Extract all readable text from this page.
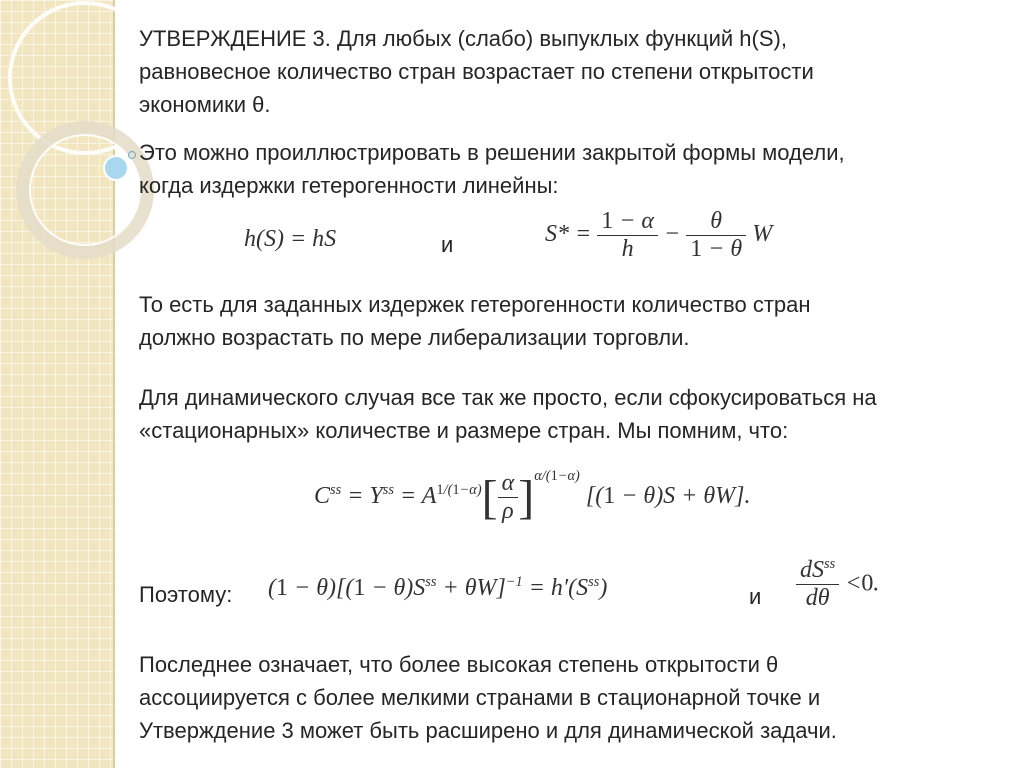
УТВЕРЖДЕНИЕ 3. Для любых (слабо) выпуклых функций h(S),
равновесное количество стран возрастает по степени открытости
экономики θ.
Это можно проиллюстрировать в решении закрытой формы модели,
когда издержки гетерогенности линейны:
h(S) = hS	и	$S* = \frac{1 - \alpha}{h} - \frac{\theta}{1 - \theta}$ W
То есть для заданных издержек гетерогенности количество стран
должно возрастать по мере либерализации торговли.
Для динамического случая все так же просто, если сфокусироваться на
«стационарных» количестве и размере стран. Мы помним, что:
$C^{ss} = Y^{ss} = A^{1/(1-\alpha)}[ \frac{\alpha}{\rho} ]^{\alpha/(1-\alpha)}$ [(1 − θ)S + θW].
Поэтому: $(1 - \theta)[(1 - \theta)S^{ss} + \theta W]^{-1} = h'(S^{ss})$	и $\frac{dS^{ss}}{d\theta} <0$.
Последнее означает, что более высокая степень открытости θ
ассоциируется с более мелкими странами в стационарной точке и
Утверждение 3 может быть расширено и для динамической задачи.
